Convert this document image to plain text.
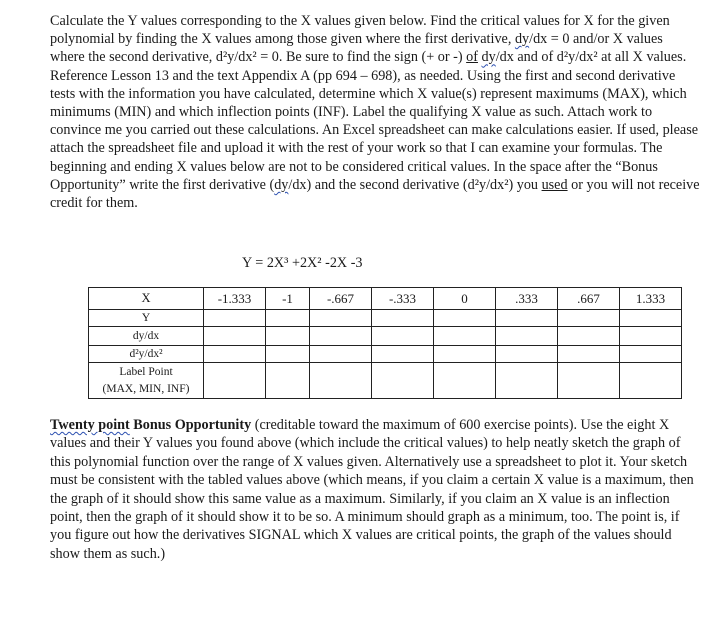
Calculate the Y values corresponding to the X values given below. Find the critical values for X for the given polynomial by finding the X values among those given where the first derivative, dy/dx = 0 and/or X values where the second derivative, d²y/dx² = 0. Be sure to find the sign (+ or -) of dy/dx and of d²y/dx² at all X values. Reference Lesson 13 and the text Appendix A (pp 694 – 698), as needed. Using the first and second derivative tests with the information you have calculated, determine which X value(s) represent maximums (MAX), which minimums (MIN) and which inflection points (INF). Label the qualifying X value as such. Attach work to convince me you carried out these calculations. An Excel spreadsheet can make calculations easier. If used, please attach the spreadsheet file and upload it with the rest of your work so that I can examine your formulas. The beginning and ending X values below are not to be considered critical values. In the space after the “Bonus Opportunity” write the first derivative (dy/dx) and the second derivative (d²y/dx²) you used or you will not receive credit for them.

Y = 2X³ +2X² -2X -3
X	-1.333	-1	-.667	-.333	0	.333	.667	1.333
Y								
dy/dx								
d²y/dx²								

Label Point
(MAX, MIN, INF)								

Twenty point Bonus Opportunity (creditable toward the maximum of 600 exercise points). Use the eight X values and their Y values you found above (which include the critical values) to help neatly sketch the graph of this polynomial function over the range of X values given. Alternatively use a spreadsheet to plot it. Your sketch must be consistent with the tabled values above (which means, if you claim a certain X value is a maximum, then the graph of it should show this same value as a maximum. Similarly, if you claim an X value is an inflection point, then the graph of it should show it to be so. A minimum should graph as a minimum, too. The point is, if you figure out how the derivatives SIGNAL which X values are critical points, the graph of the values should show them as such.)
